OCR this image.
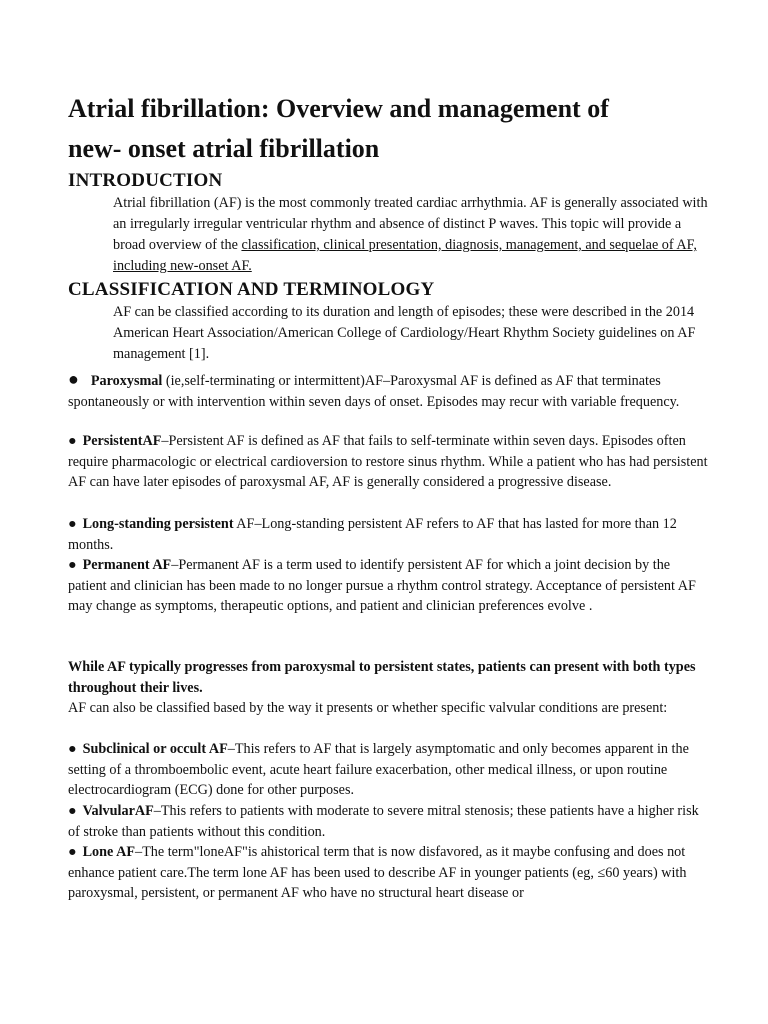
Atrial fibrillation: Overview and management of
new- onset atrial fibrillation
INTRODUCTION

Atrial fibrillation (AF) is the most commonly treated cardiac arrhythmia. AF is generally associated with an irregularly irregular ventricular rhythm and absence of distinct P waves. This topic will provide a broad overview of the classification, clinical presentation, diagnosis, management, and sequelae of AF, including new-onset AF.

CLASSIFICATION AND TERMINOLOGY

AF can be classified according to its duration and length of episodes; these were described in the 2014 American Heart Association/American College of Cardiology/Heart Rhythm Society guidelines on AF management [1].

● Paroxysmal (ie,self-terminating or intermittent)AF–Paroxysmal AF is defined as AF that terminates spontaneously or with intervention within seven days of onset. Episodes may recur with variable frequency.

● PersistentAF–Persistent AF is defined as AF that fails to self-terminate within seven days. Episodes often require pharmacologic or electrical cardioversion to restore sinus rhythm. While a patient who has had persistent AF can have later episodes of paroxysmal AF, AF is generally considered a progressive disease.

● Long-standing persistent AF–Long-standing persistent AF refers to AF that has lasted for more than 12 months.

● Permanent AF–Permanent AF is a term used to identify persistent AF for which a joint decision by the patient and clinician has been made to no longer pursue a rhythm control strategy. Acceptance of persistent AF may change as symptoms, therapeutic options, and patient and clinician preferences evolve .

While AF typically progresses from paroxysmal to persistent states, patients can present with both types throughout their lives.

AF can also be classified based by the way it presents or whether specific valvular conditions are present:

● Subclinical or occult AF–This refers to AF that is largely asymptomatic and only becomes apparent in the setting of a thromboembolic event, acute heart failure exacerbation, other medical illness, or upon routine electrocardiogram (ECG) done for other purposes.

● ValvularAF–This refers to patients with moderate to severe mitral stenosis; these patients have a higher risk of stroke than patients without this condition.

● Lone AF–The term"loneAF"is ahistorical term that is now disfavored, as it maybe confusing and does not enhance patient care.The term lone AF has been used to describe AF in younger patients (eg, ≤60 years) with paroxysmal, persistent, or permanent AF who have no structural heart disease or
